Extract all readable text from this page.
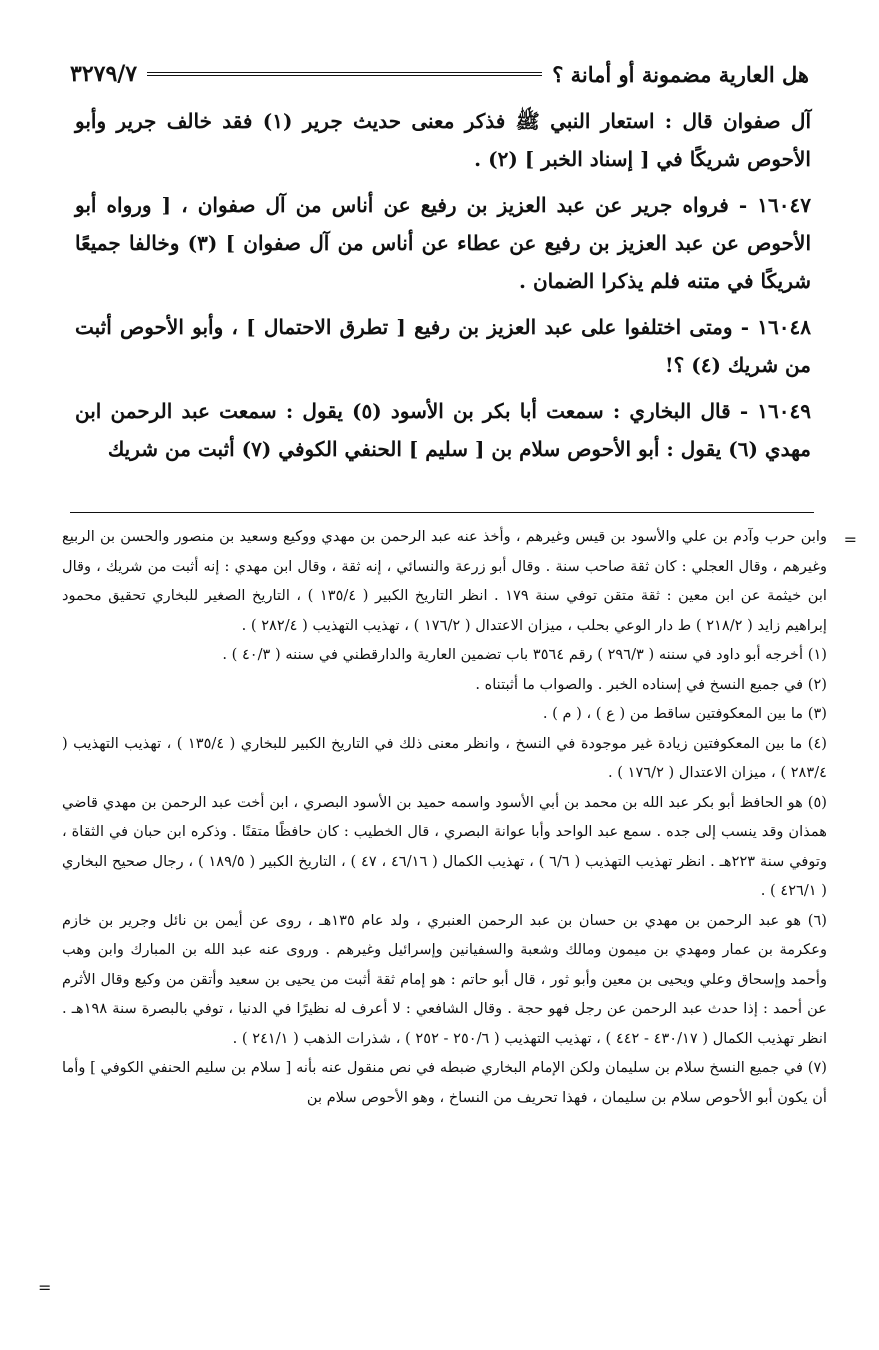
هل العارية مضمونة أو أمانة ؟
٣٢٧٩/٧

آل صفوان قال : استعار النبي ﷺ فذكر معنى حديث جرير (١) فقد خالف جرير وأبو الأحوص شريكًا في [ إسناد الخبر ] (٢) .

١٦٠٤٧ - فرواه جرير عن عبد العزيز بن رفيع عن أناس من آل صفوان ، [ ورواه أبو الأحوص عن عبد العزيز بن رفيع عن عطاء عن أناس من آل صفوان ] (٣) وخالفا جميعًا شريكًا في متنه فلم يذكرا الضمان .

١٦٠٤٨ - ومتى اختلفوا على عبد العزيز بن رفيع [ تطرق الاحتمال ] ، وأبو الأحوص أثبت من شريك (٤) ؟!

١٦٠٤٩ - قال البخاري : سمعت أبا بكر بن الأسود (٥) يقول : سمعت عبد الرحمن ابن مهدي (٦) يقول : أبو الأحوص سلام بن [ سليم ] الحنفي الكوفي (٧) أثبت من شريك

=

وابن حرب وآدم بن علي والأسود بن قيس وغيرهم ، وأخذ عنه عبد الرحمن بن مهدي ووكيع وسعيد بن منصور والحسن بن الربيع وغيرهم ، وقال العجلي : كان ثقة صاحب سنة . وقال أبو زرعة والنسائي ، إنه ثقة ، وقال ابن مهدي : إنه أثبت من شريك ، وقال ابن خيثمة عن ابن معين : ثقة متقن توفي سنة ١٧٩ . انظر التاريخ الكبير ( ١٣٥/٤ ) ، التاريخ الصغير للبخاري تحقيق محمود إبراهيم زايد ( ٢١٨/٢ ) ط دار الوعي بحلب ، ميزان الاعتدال ( ١٧٦/٢ ) ، تهذيب التهذيب ( ٢٨٢/٤ ) .

(١) أخرجه أبو داود في سننه ( ٢٩٦/٣ ) رقم ٣٥٦٤ باب تضمين العارية والدارقطني في سننه ( ٤٠/٣ ) .

(٢) في جميع النسخ في إسناده الخبر . والصواب ما أثبتناه .

(٣) ما بين المعكوفتين ساقط من ( ع ) ، ( م ) .

(٤) ما بين المعكوفتين زيادة غير موجودة في النسخ ، وانظر معنى ذلك في التاريخ الكبير للبخاري ( ١٣٥/٤ ) ، تهذيب التهذيب ( ٢٨٣/٤ ) ، ميزان الاعتدال ( ١٧٦/٢ ) .

(٥) هو الحافظ أبو بكر عبد الله بن محمد بن أبي الأسود واسمه حميد بن الأسود البصري ، ابن أخت عبد الرحمن بن مهدي قاضي همذان وقد ينسب إلى جده . سمع عبد الواحد وأبا عوانة البصري ، قال الخطيب : كان حافظًا متقنًا . وذكره ابن حبان في الثقاة ، وتوفي سنة ٢٢٣هـ . انظر تهذيب التهذيب ( ٦/٦ ) ، تهذيب الكمال ( ٤٦/١٦ ، ٤٧ ) ، التاريخ الكبير ( ١٨٩/٥ ) ، رجال صحيح البخاري ( ٤٢٦/١ ) .

(٦) هو عبد الرحمن بن مهدي بن حسان بن عبد الرحمن العنبري ، ولد عام ١٣٥هـ ، روى عن أيمن بن نائل وجرير بن خازم وعكرمة بن عمار ومهدي بن ميمون ومالك وشعبة والسفيانين وإسرائيل وغيرهم . وروى عنه عبد الله بن المبارك وابن وهب وأحمد وإسحاق وعلي ويحيى بن معين وأبو ثور ، قال أبو حاتم : هو إمام ثقة أثبت من يحيى بن سعيد وأتقن من وكيع وقال الأثرم عن أحمد : إذا حدث عبد الرحمن عن رجل فهو حجة . وقال الشافعي : لا أعرف له نظيرًا في الدنيا ، توفي بالبصرة سنة ١٩٨هـ . انظر تهذيب الكمال ( ٤٣٠/١٧ - ٤٤٢ ) ، تهذيب التهذيب ( ٢٥٠/٦ - ٢٥٢ ) ، شذرات الذهب ( ٢٤١/١ ) .

(٧) في جميع النسخ سلام بن سليمان ولكن الإمام البخاري ضبطه في نص منقول عنه بأنه [ سلام بن سليم الحنفي الكوفي ] وأما أن يكون أبو الأحوص سلام بن سليمان ، فهذا تحريف من النساخ ، وهو الأحوص سلام بن

=
